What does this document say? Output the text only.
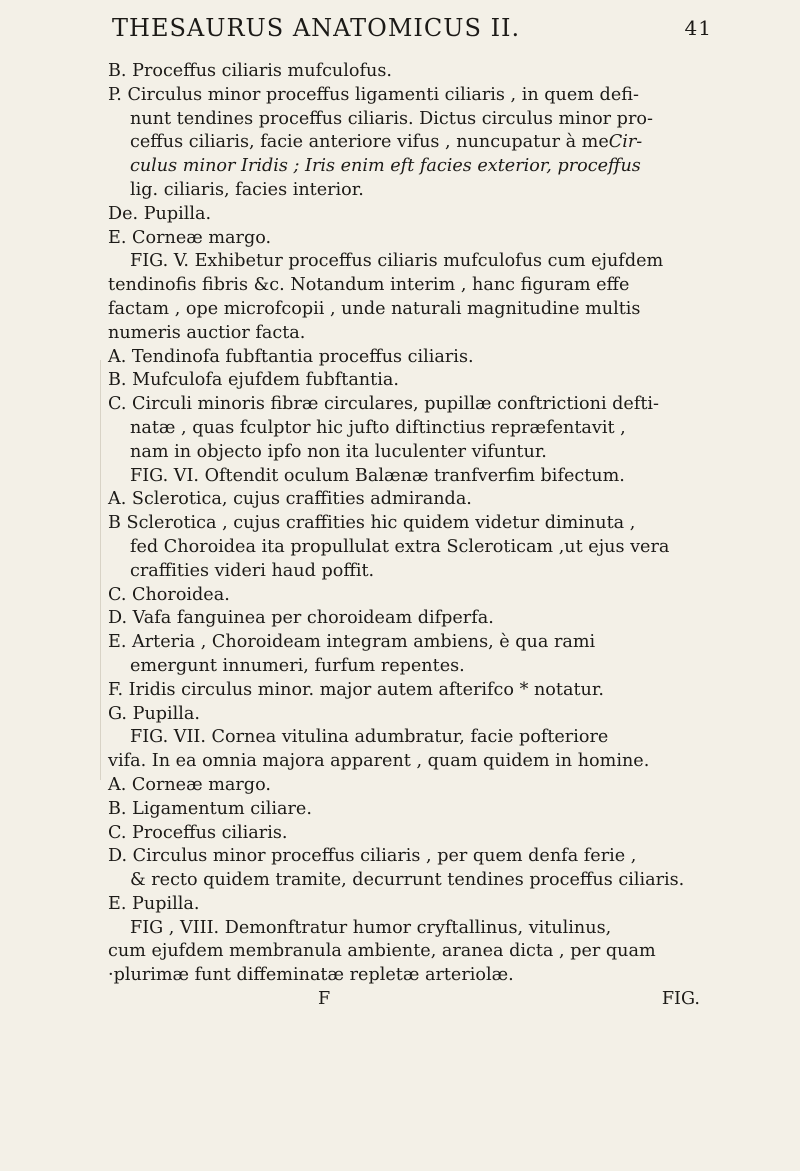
THESAURUS ANATOMICUS II.	41
B. Proceffus ciliaris mufculofus.
P. Circulus minor proceffus ligamenti ciliaris , in quem defi-
nunt tendines proceffus ciliaris. Dictus circulus minor pro-
ceffus ciliaris, facie anteriore vifus , nuncupatur à meCir-
culus minor Iridis ; Iris enim eft facies exterior, proceffus
lig. ciliaris, facies interior.
De. Pupilla.
E. Corneæ margo.
FIG. V. Exhibetur proceffus ciliaris mufculofus cum ejufdem
tendinofis fibris &c. Notandum interim , hanc figuram effe
factam , ope microfcopii , unde naturali magnitudine multis
numeris auctior facta.
A. Tendinofa fubftantia proceffus ciliaris.
B. Mufculofa ejufdem fubftantia.
C. Circuli minoris fibræ circulares, pupillæ conftrictioni defti-
natæ , quas fculptor hic jufto diftinctius repræfentavit ,
nam in objecto ipfo non ita luculenter vifuntur.
FIG. VI. Oftendit oculum Balænæ tranfverfim bifectum.
A. Sclerotica, cujus craffities admiranda.
B Sclerotica , cujus craffities hic quidem videtur diminuta ,
fed Choroidea ita propullulat extra Scleroticam ,ut ejus vera
craffities videri haud poffit.
C. Choroidea.
D. Vafa fanguinea per choroideam difperfa.
E. Arteria , Choroideam integram ambiens, è qua rami
emergunt innumeri, furfum repentes.
F. Iridis circulus minor. major autem afterifco * notatur.
G. Pupilla.
FIG. VII. Cornea vitulina adumbratur, facie pofteriore
vifa. In ea omnia majora apparent , quam quidem in homine.
A. Corneæ margo.
B. Ligamentum ciliare.
C. Proceffus ciliaris.
D. Circulus minor proceffus ciliaris , per quem denfa ferie ,
& recto quidem tramite, decurrunt tendines proceffus ciliaris.
E. Pupilla.
FIG , VIII. Demonftratur humor cryftallinus, vitulinus,
cum ejufdem membranula ambiente, aranea dicta , per quam
·plurimæ funt diffeminatæ repletæ arteriolæ.
F	FIG.
